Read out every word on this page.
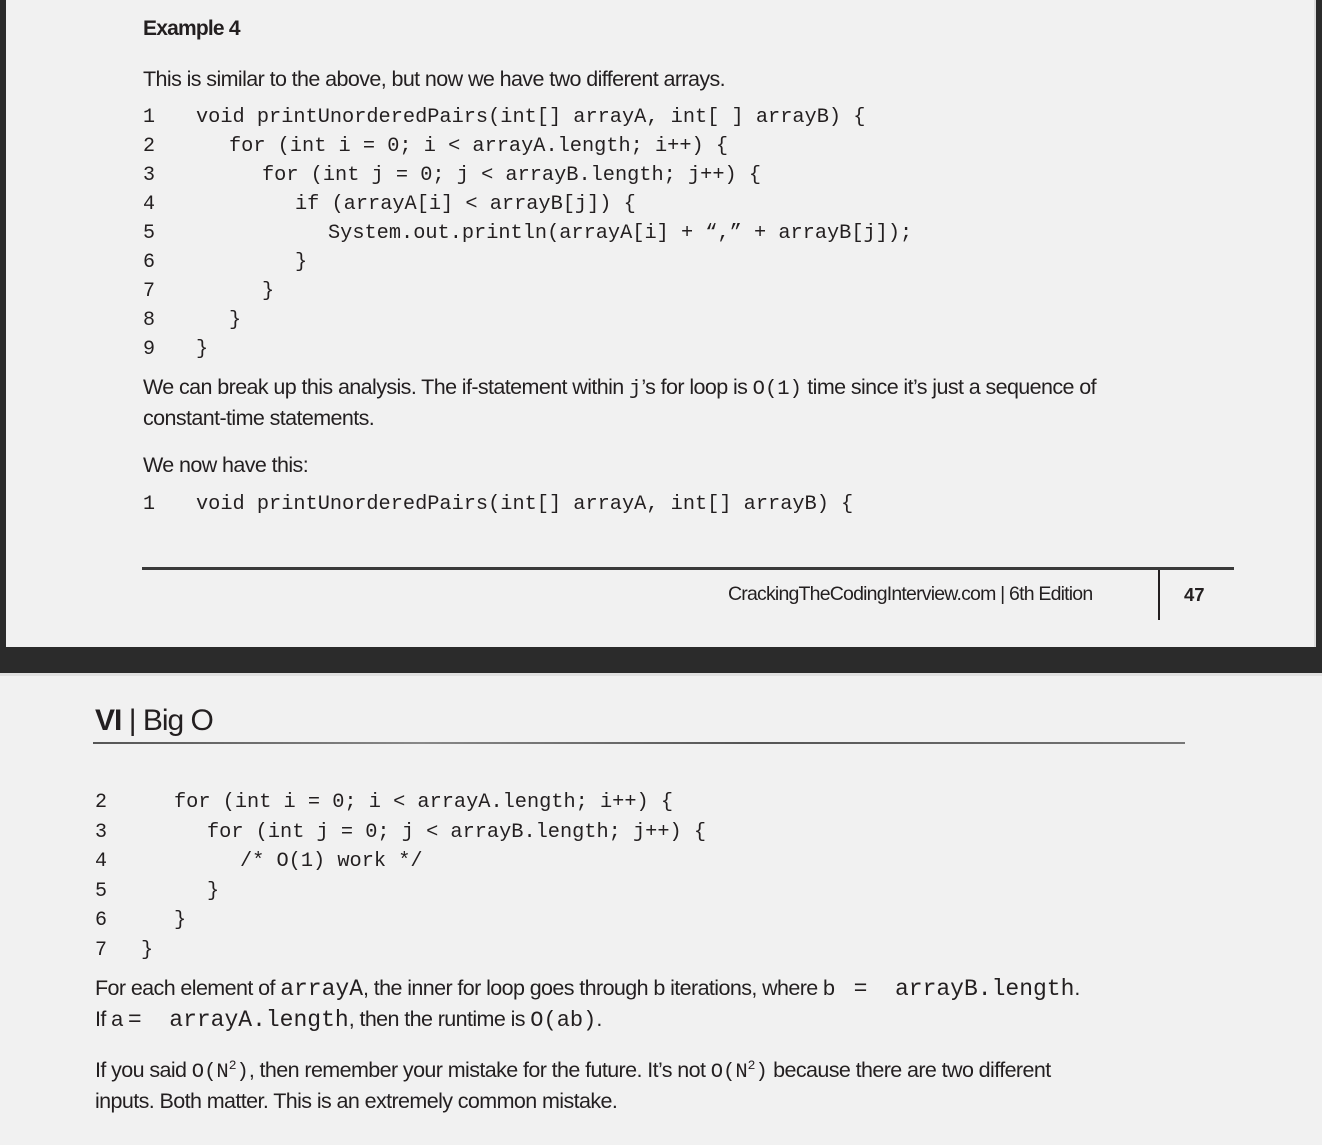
Example 4
This is similar to the above, but now we have two different arrays.
1 void printUnorderedPairs(int[] arrayA, int[ ] arrayB) {
2	for (int i = 0; i < arrayA.length; i++) {
3	for (int j = 0; j < arrayB.length; j++) {
4	if (arrayA[i] < arrayB[j]) {
5	System.out.println(arrayA[i] + “,” + arrayB[j]);
6	}
7	}
8	}
9 }
We can break up this analysis. The if-statement within j’s for loop is O(1) time since it’s just a sequence of
constant-time statements.
We now have this:
1 void printUnorderedPairs(int[] arrayA, int[] arrayB) {
CrackingTheCodingInterview.com | 6th Edition	47
VI | Big O
2	for (int i = 0; i < arrayA.length; i++) {
3	for (int j = 0; j < arrayB.length; j++) {
4	/* O(1) work */
5	}
6	}
7 }
For each element of arrayA, the inner for loop goes through b iterations, where b  =  arrayB.length.
If a =  arrayA.length, then the runtime is O(ab).
If you said $O(N^2)$, then remember your mistake for the future. It’s not $O(N^2)$ because there are two different
inputs. Both matter. This is an extremely common mistake.
